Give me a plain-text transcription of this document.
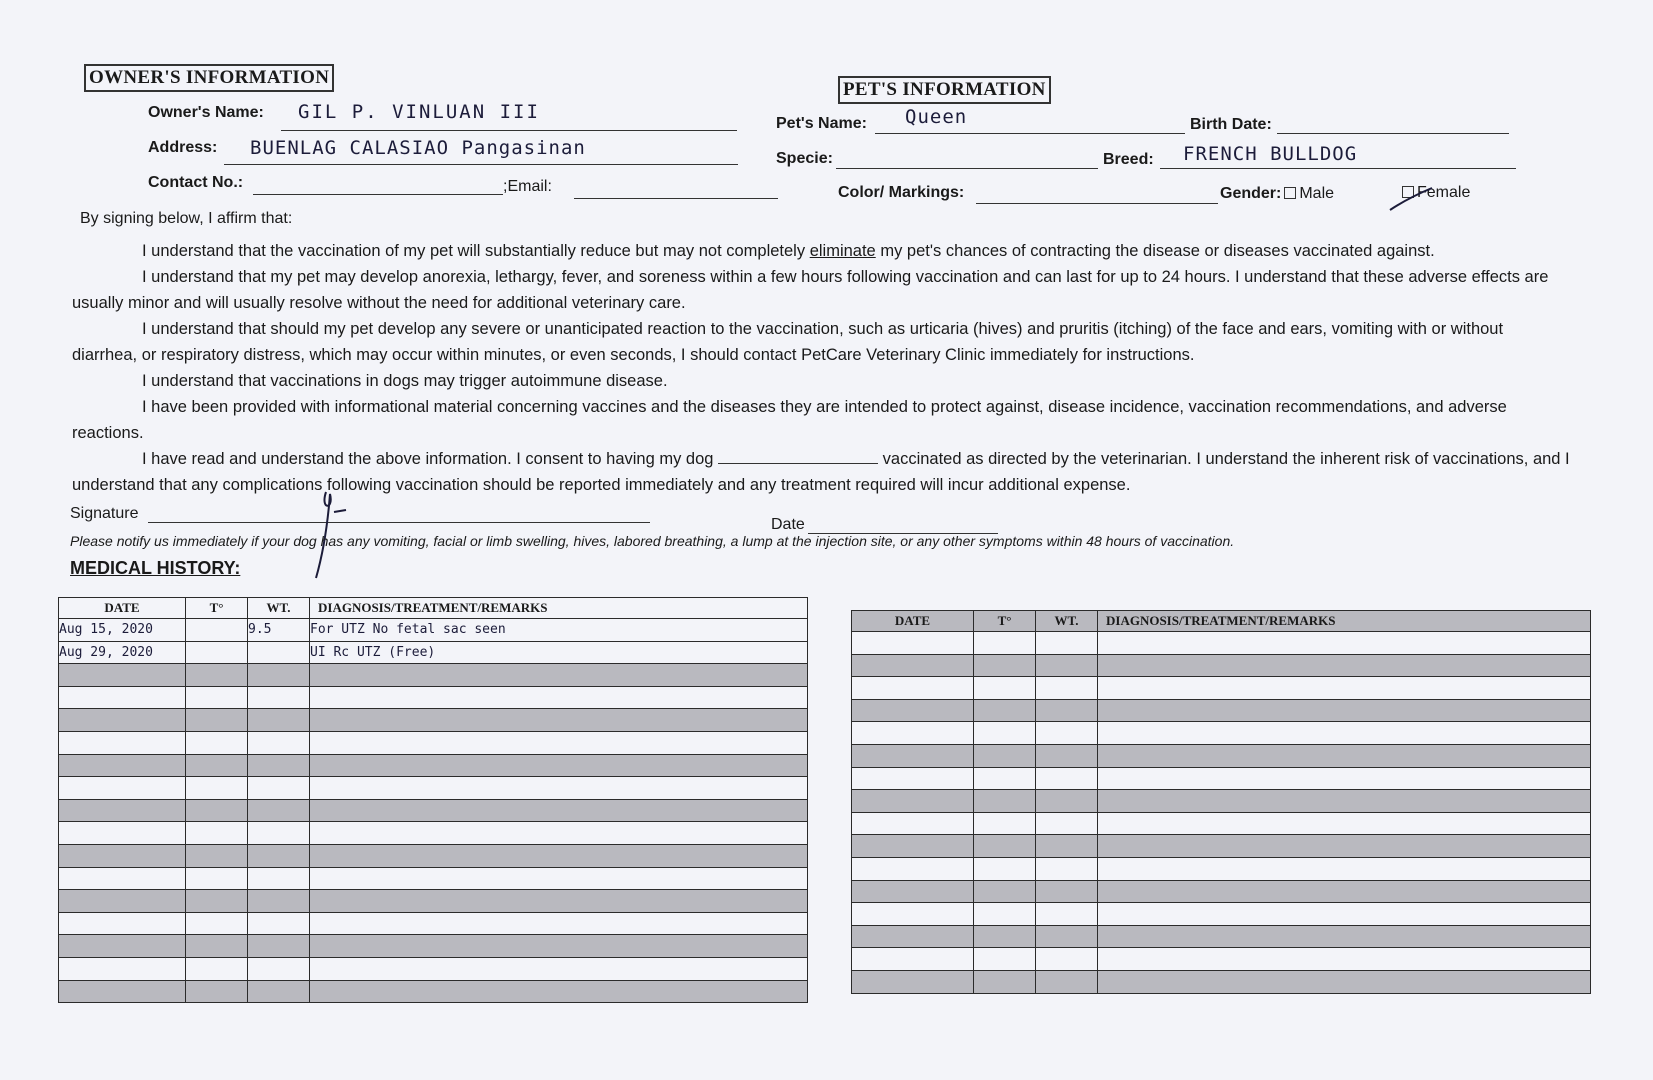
OWNER'S INFORMATION
Owner's Name: GIL P. VINLUAN III
Address: BUENLAG CALASIAO Pangasinan
Contact No.:	;Email:
PET'S INFORMATION
Pet's Name: Queen	Birth Date:
Specie:	Breed: FRENCH BULLDOG
Color/ Markings:	Gender: Male	Female
By signing below, I affirm that:

I understand that the vaccination of my pet will substantially reduce but may not completely eliminate my pet's chances of contracting the disease or diseases vaccinated against.

I understand that my pet may develop anorexia, lethargy, fever, and soreness within a few hours following vaccination and can last for up to 24 hours. I understand that these adverse effects are usually minor and will usually resolve without the need for additional veterinary care.

I understand that should my pet develop any severe or unanticipated reaction to the vaccination, such as urticaria (hives) and pruritis (itching) of the face and ears, vomiting with or without diarrhea, or respiratory distress, which may occur within minutes, or even seconds, I should contact PetCare Veterinary Clinic immediately for instructions.

I understand that vaccinations in dogs may trigger autoimmune disease.

I have been provided with informational material concerning vaccines and the diseases they are intended to protect against, disease incidence, vaccination recommendations, and adverse reactions.

I have read and understand the above information. I consent to having my dog	vaccinated as directed by the veterinarian. I understand the inherent risk of vaccinations, and I understand that any complications following vaccination should be reported immediately and any treatment required will incur additional expense.

Signature
Date
Please notify us immediately if your dog has any vomiting, facial or limb swelling, hives, labored breathing, a lump at the injection site, or any other symptoms within 48 hours of vaccination.
MEDICAL HISTORY:
DATE	T°	WT.	DIAGNOSIS/TREATMENT/REMARKS
Aug 15, 2020		9.5	For UTZ No fetal sac seen
Aug 29, 2020			UI Rc UTZ (Free)

DATE	T°	WT.	DIAGNOSIS/TREATMENT/REMARKS
